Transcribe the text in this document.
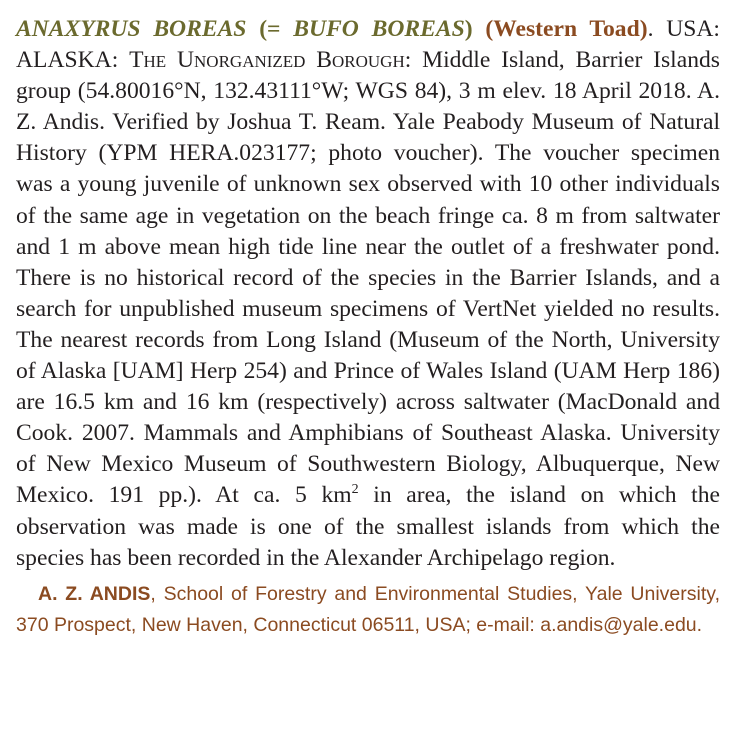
ANAXYRUS BOREAS (= BUFO BOREAS) (Western Toad). USA: ALASKA: The Unorganized Borough: Middle Island, Barrier Islands group (54.80016°N, 132.43111°W; WGS 84), 3 m elev. 18 April 2018. A. Z. Andis. Verified by Joshua T. Ream. Yale Peabody Museum of Natural History (YPM HERA.023177; photo voucher). The voucher specimen was a young juvenile of unknown sex observed with 10 other individuals of the same age in vegetation on the beach fringe ca. 8 m from saltwater and 1 m above mean high tide line near the outlet of a freshwater pond. There is no historical record of the species in the Barrier Islands, and a search for unpublished museum specimens of VertNet yielded no results. The nearest records from Long Island (Museum of the North, University of Alaska [UAM] Herp 254) and Prince of Wales Island (UAM Herp 186) are 16.5 km and 16 km (respectively) across saltwater (MacDonald and Cook. 2007. Mammals and Amphibians of Southeast Alaska. University of New Mexico Museum of Southwestern Biology, Albuquerque, New Mexico. 191 pp.). At ca. 5 $km^2$ in area, the island on which the observation was made is one of the smallest islands from which the species has been recorded in the Alexander Archipelago region.

A. Z. ANDIS, School of Forestry and Environmental Studies, Yale University, 370 Prospect, New Haven, Connecticut 06511, USA; e-mail: a.andis@yale.edu.
